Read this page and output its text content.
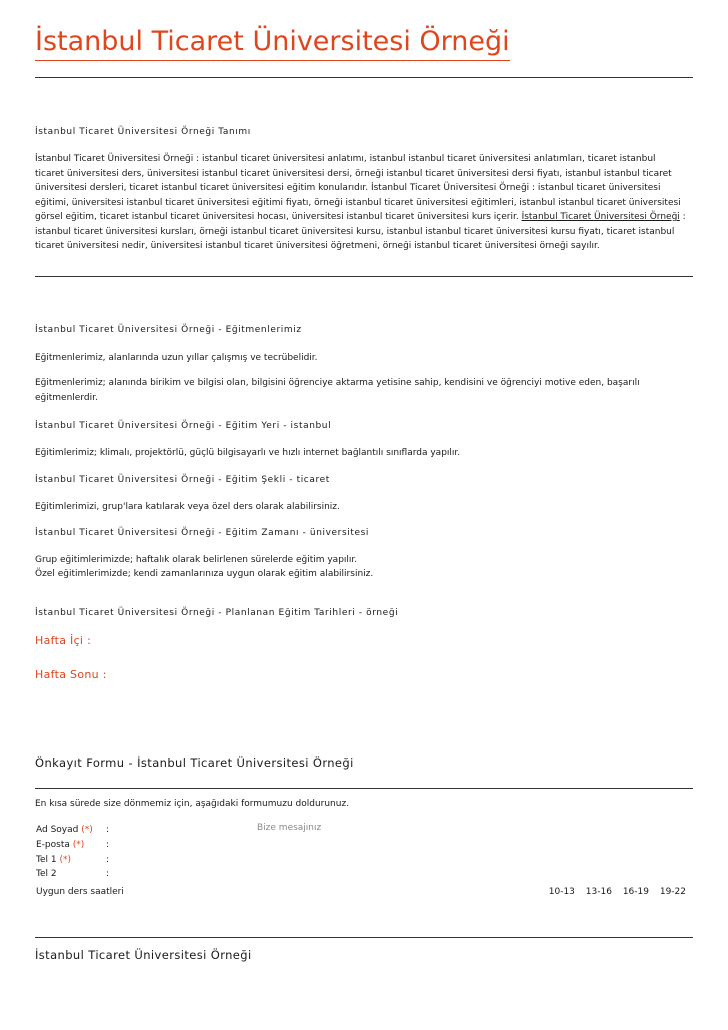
İstanbul Ticaret Üniversitesi Örneği
İstanbul Ticaret Üniversitesi Örneği Tanımı
İstanbul Ticaret Üniversitesi Örneği : istanbul ticaret üniversitesi anlatımı, istanbul istanbul ticaret üniversitesi anlatımları, ticaret istanbul ticaret üniversitesi ders, üniversitesi istanbul ticaret üniversitesi dersi, örneği istanbul ticaret üniversitesi dersi fiyatı, istanbul istanbul ticaret üniversitesi dersleri, ticaret istanbul ticaret üniversitesi eğitim konularıdır. İstanbul Ticaret Üniversitesi Örneği : istanbul ticaret üniversitesi eğitimi, üniversitesi istanbul ticaret üniversitesi eğitimi fiyatı, örneği istanbul ticaret üniversitesi eğitimleri, istanbul istanbul ticaret üniversitesi görsel eğitim, ticaret istanbul ticaret üniversitesi hocası, üniversitesi istanbul ticaret üniversitesi kurs içerir. İstanbul Ticaret Üniversitesi Örneği : istanbul ticaret üniversitesi kursları, örneği istanbul ticaret üniversitesi kursu, istanbul istanbul ticaret üniversitesi kursu fiyatı, ticaret istanbul ticaret üniversitesi nedir, üniversitesi istanbul ticaret üniversitesi öğretmeni, örneği istanbul ticaret üniversitesi örneği sayılır.
İstanbul Ticaret Üniversitesi Örneği - Eğitmenlerimiz
Eğitmenlerimiz, alanlarında uzun yıllar çalışmış ve tecrübelidir.
Eğitmenlerimiz; alanında birikim ve bilgisi olan, bilgisini öğrenciye aktarma yetisine sahip, kendisini ve öğrenciyi motive eden, başarılı eğitmenlerdir.
İstanbul Ticaret Üniversitesi Örneği - Eğitim Yeri - istanbul
Eğitimlerimiz; klimalı, projektörlü, güçlü bilgisayarlı ve hızlı internet bağlantılı sınıflarda yapılır.
İstanbul Ticaret Üniversitesi Örneği - Eğitim Şekli - ticaret
Eğitimlerimizi, grup'lara katılarak veya özel ders olarak alabilirsiniz.
İstanbul Ticaret Üniversitesi Örneği - Eğitim Zamanı - üniversitesi
Grup eğitimlerimizde; haftalık olarak belirlenen sürelerde eğitim yapılır.
Özel eğitimlerimizde; kendi zamanlarınıza uygun olarak eğitim alabilirsiniz.
İstanbul Ticaret Üniversitesi Örneği - Planlanan Eğitim Tarihleri - örneği
Hafta İçi :
Hafta Sonu :
Önkayıt Formu - İstanbul Ticaret Üniversitesi Örneği
En kısa sürede size dönmemiz için, aşağıdaki formumuzu doldurunuz.
Ad Soyad (*) :
E-posta (*) :
Tel 1 (*)	:
Tel 2	:
Bize mesajınız
Uygun ders saatleri	10-13 13-16 16-19 19-22
İstanbul Ticaret Üniversitesi Örneği
